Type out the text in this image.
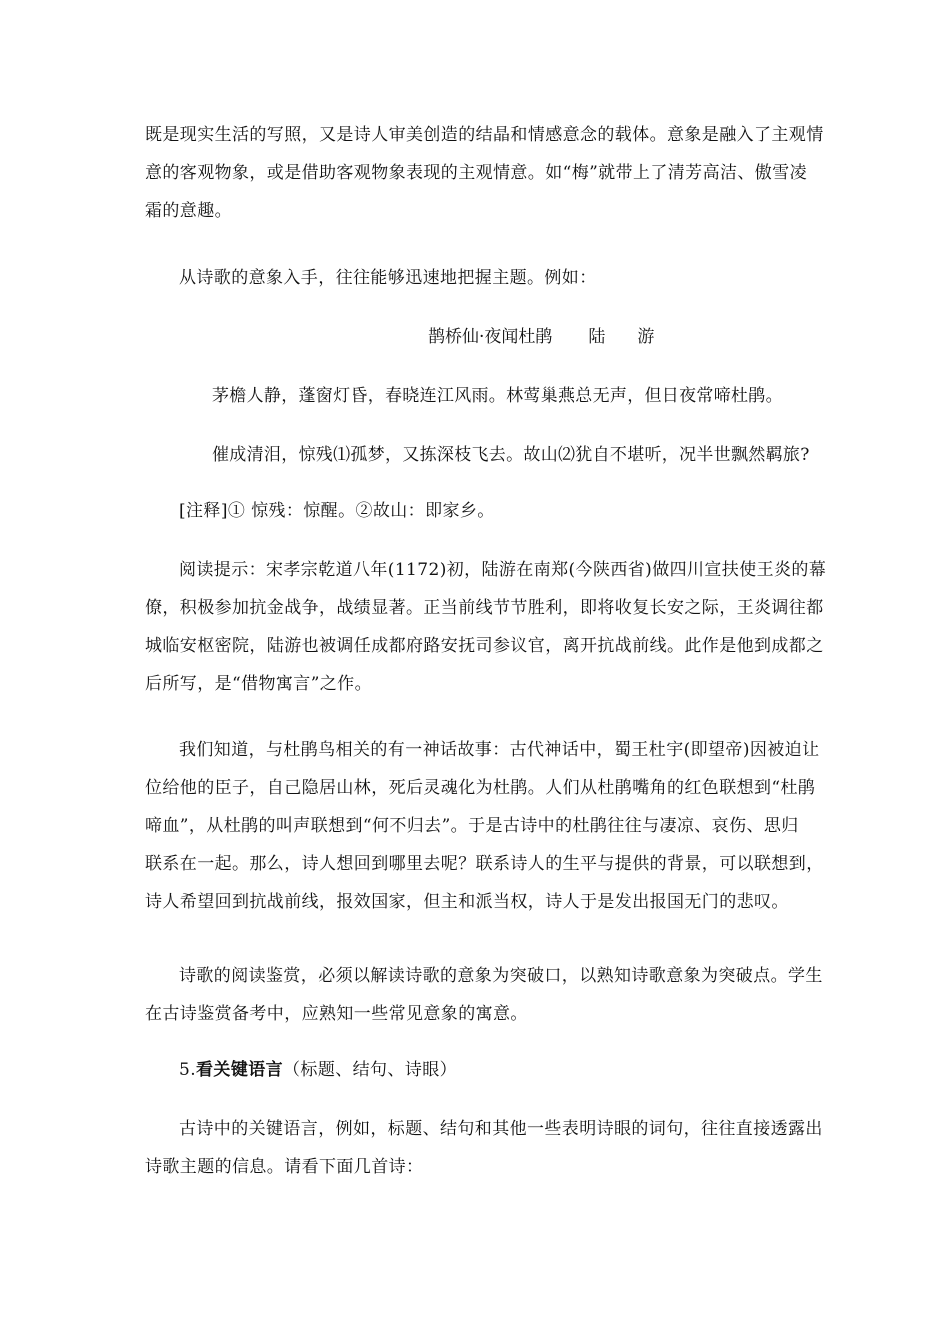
既是现实生活的写照，又是诗人审美创造的结晶和情感意念的载体。意象是融入了主观情
意的客观物象，或是借助客观物象表现的主观情意。如“梅”就带上了清芳高洁、傲雪凌
霜的意趣。
从诗歌的意象入手，往往能够迅速地把握主题。例如：
鹊桥仙·夜闻杜鹃 陆游
茅檐人静，蓬窗灯昏，春晓连江风雨。林莺巢燕总无声，但日夜常啼杜鹃。
催成清泪，惊残⑴孤梦，又拣深枝飞去。故山⑵犹自不堪听，况半世飘然羁旅?
[注释]① 惊残：惊醒。②故山：即家乡。
阅读提示：宋孝宗乾道八年(1172)初，陆游在南郑(今陕西省)做四川宣扶使王炎的幕
僚，积极参加抗金战争，战绩显著。正当前线节节胜利，即将收复长安之际，王炎调往都
城临安枢密院，陆游也被调任成都府路安抚司参议官，离开抗战前线。此作是他到成都之
后所写，是“借物寓言”之作。
我们知道，与杜鹃鸟相关的有一神话故事：古代神话中，蜀王杜宇(即望帝)因被迫让
位给他的臣子，自己隐居山林，死后灵魂化为杜鹃。人们从杜鹃嘴角的红色联想到“杜鹃
啼血”，从杜鹃的叫声联想到“何不归去”。于是古诗中的杜鹃往往与凄凉、哀伤、思归
联系在一起。那么，诗人想回到哪里去呢？联系诗人的生平与提供的背景，可以联想到，
诗人希望回到抗战前线，报效国家，但主和派当权，诗人于是发出报国无门的悲叹。
诗歌的阅读鉴赏，必须以解读诗歌的意象为突破口，以熟知诗歌意象为突破点。学生
在古诗鉴赏备考中，应熟知一些常见意象的寓意。
5.看关键语言（标题、结句、诗眼）
古诗中的关键语言，例如，标题、结句和其他一些表明诗眼的词句，往往直接透露出
诗歌主题的信息。请看下面几首诗：
